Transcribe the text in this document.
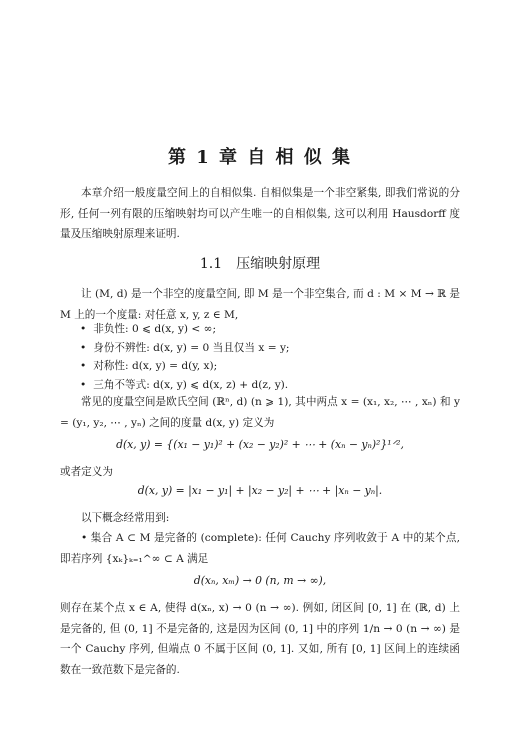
第 1 章 自 相 似 集
本章介绍一般度量空间上的自相似集. 自相似集是一个非空紧集, 即我们常说的分形, 任何一列有限的压缩映射均可以产生唯一的自相似集, 这可以利用 Hausdorff 度量及压缩映射原理来证明.
1.1 压缩映射原理
让 (M, d) 是一个非空的度量空间, 即 M 是一个非空集合, 而 d : M × M → ℝ 是 M 上的一个度量: 对任意 x, y, z ∈ M,
• 非负性: 0 ⩽ d(x, y) < ∞;
• 身份不辨性: d(x, y) = 0 当且仅当 x = y;
• 对称性: d(x, y) = d(y, x);
• 三角不等式: d(x, y) ⩽ d(x, z) + d(z, y).
常见的度量空间是欧氏空间 (ℝⁿ, d) (n ⩾ 1), 其中两点 x = (x₁, x₂, ⋯ , xₙ) 和 y = (y₁, y₂, ⋯ , yₙ) 之间的度量 d(x, y) 定义为
d(x, y) = {(x₁ − y₁)² + (x₂ − y₂)² + ⋯ + (xₙ − yₙ)²}¹ᐟ²,
或者定义为
d(x, y) = |x₁ − y₁| + |x₂ − y₂| + ⋯ + |xₙ − yₙ|.
以下概念经常用到:
• 集合 A ⊂ M 是完备的 (complete): 任何 Cauchy 序列收敛于 A 中的某个点, 即若序列 {xₖ}ₖ₌₁^∞ ⊂ A 满足
d(xₙ, xₘ) → 0 (n, m → ∞),
则存在某个点 x ∈ A, 使得 d(xₙ, x) → 0 (n → ∞). 例如, 闭区间 [0, 1] 在 (ℝ, d) 上是完备的, 但 (0, 1] 不是完备的, 这是因为区间 (0, 1] 中的序列 1/n → 0 (n → ∞) 是一个 Cauchy 序列, 但端点 0 不属于区间 (0, 1]. 又如, 所有 [0, 1] 区间上的连续函数在一致范数下是完备的.
